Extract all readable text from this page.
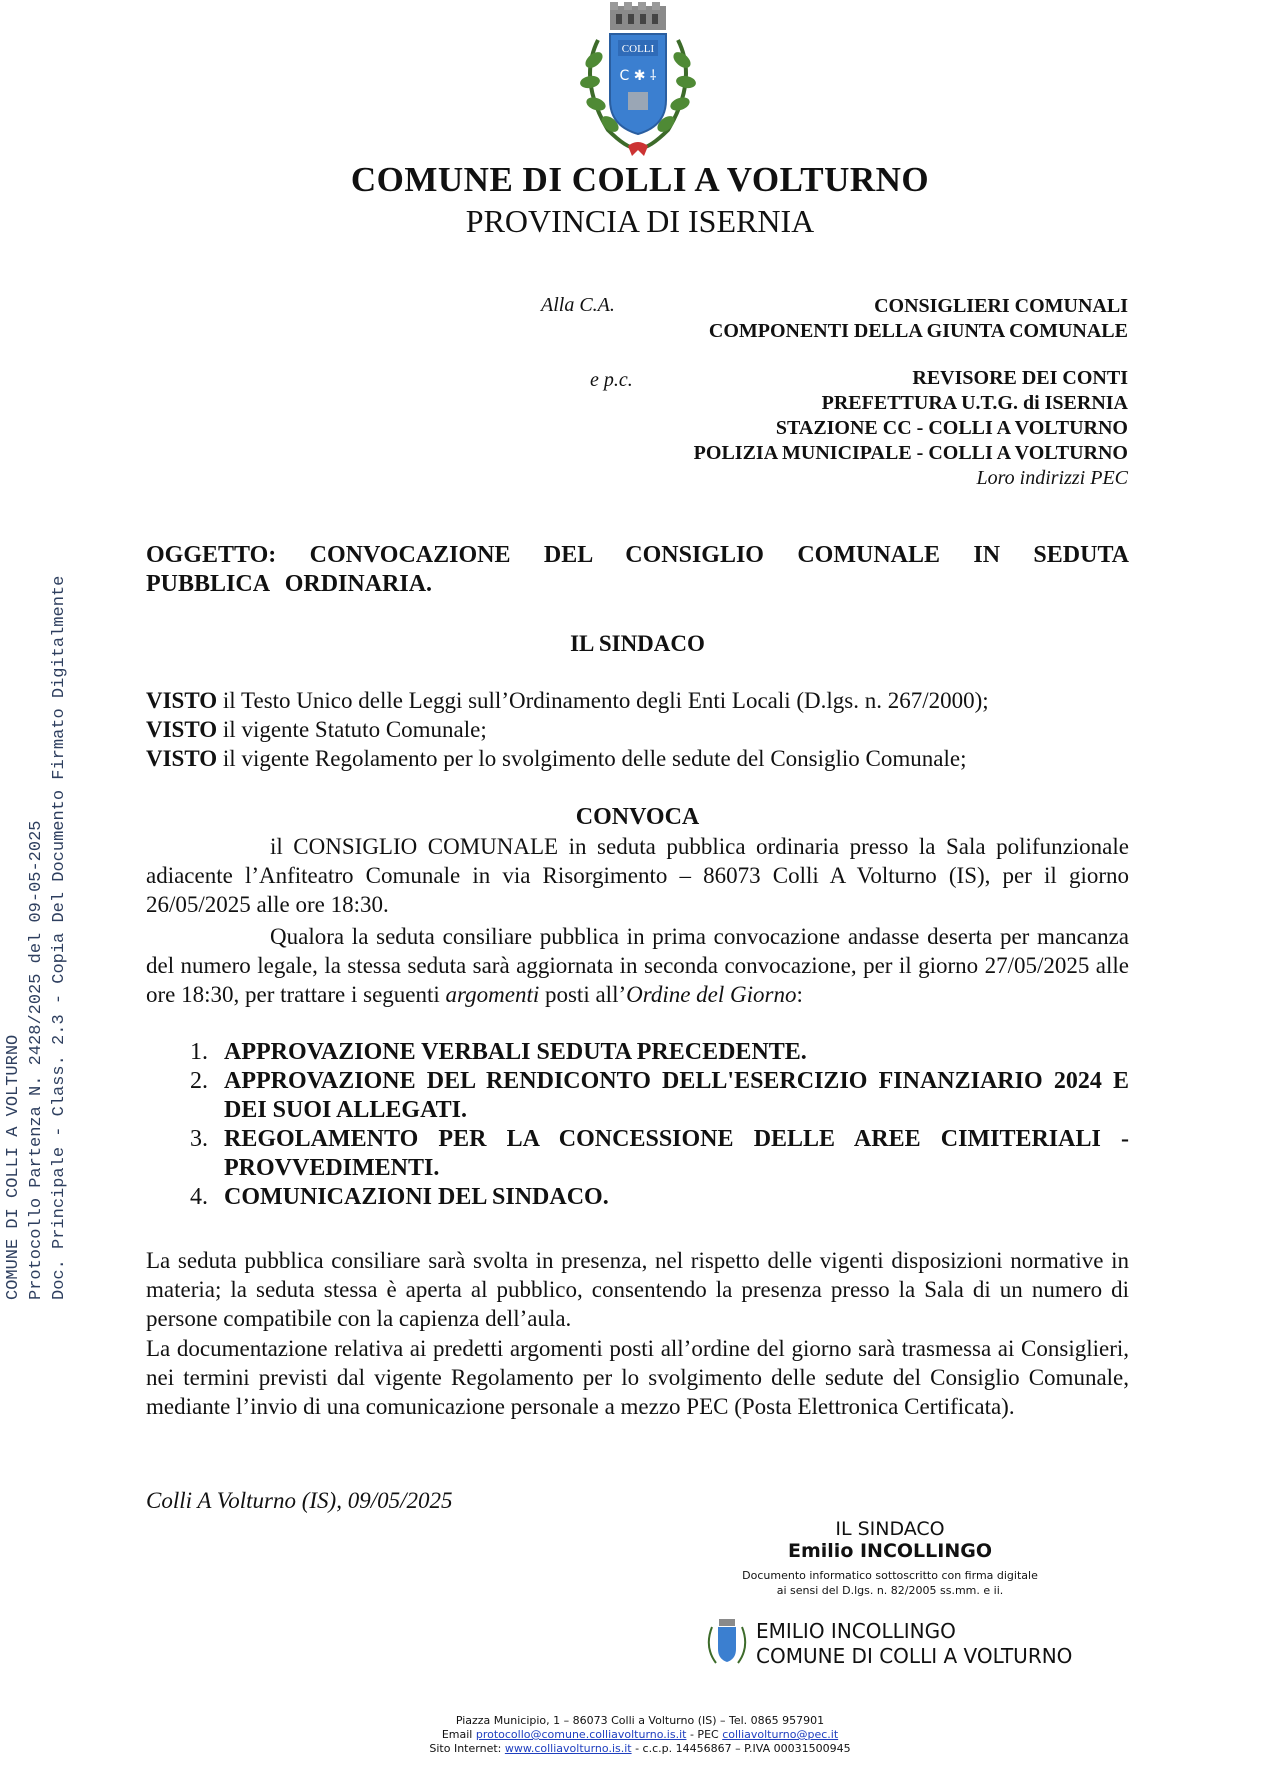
COLLI
C ✱ ⸸
COMUNE DI COLLI A VOLTURNO
PROVINCIA DI ISERNIA
COMUNE DI COLLI A VOLTURNO Protocollo Partenza N. 2428/2025 del 09-05-2025 Doc. Principale - Class. 2.3 - Copia Del Documento Firmato Digitalmente
Alla C.A.	CONSIGLIERI COMUNALI
COMPONENTI DELLA GIUNTA COMUNALE
e p.c.	REVISORE DEI CONTI
PREFETTURA U.T.G. di ISERNIA
STAZIONE CC - COLLI A VOLTURNO
POLIZIA MUNICIPALE - COLLI A VOLTURNO
Loro indirizzi PEC
OGGETTO: CONVOCAZIONE DEL CONSIGLIO COMUNALE IN SEDUTA PUBBLICA ORDINARIA.
IL SINDACO
VISTO il Testo Unico delle Leggi sull’Ordinamento degli Enti Locali (D.lgs. n. 267/2000);
VISTO il vigente Statuto Comunale;
VISTO il vigente Regolamento per lo svolgimento delle sedute del Consiglio Comunale;
CONVOCA
il CONSIGLIO COMUNALE in seduta pubblica ordinaria presso la Sala polifunzionale adiacente l’Anfiteatro Comunale in via Risorgimento – 86073 Colli A Volturno (IS), per il giorno 26/05/2025 alle ore 18:30.
Qualora la seduta consiliare pubblica in prima convocazione andasse deserta per mancanza del numero legale, la stessa seduta sarà aggiornata in seconda convocazione, per il giorno 27/05/2025 alle ore 18:30, per trattare i seguenti argomenti posti all’Ordine del Giorno:
1. APPROVAZIONE VERBALI SEDUTA PRECEDENTE.
2. APPROVAZIONE DEL RENDICONTO DELL'ESERCIZIO FINANZIARIO 2024 E DEI SUOI ALLEGATI.
3. REGOLAMENTO PER LA CONCESSIONE DELLE AREE CIMITERIALI - PROVVEDIMENTI.
4. COMUNICAZIONI DEL SINDACO.
La seduta pubblica consiliare sarà svolta in presenza, nel rispetto delle vigenti disposizioni normative in materia; la seduta stessa è aperta al pubblico, consentendo la presenza presso la Sala di un numero di persone compatibile con la capienza dell’aula.
La documentazione relativa ai predetti argomenti posti all’ordine del giorno sarà trasmessa ai Consiglieri, nei termini previsti dal vigente Regolamento per lo svolgimento delle sedute del Consiglio Comunale, mediante l’invio di una comunicazione personale a mezzo PEC (Posta Elettronica Certificata).
Colli A Volturno (IS), 09/05/2025
IL SINDACO
Emilio INCOLLINGO
Documento informatico sottoscritto con firma digitale
ai sensi del D.lgs. n. 82/2005 ss.mm. e ii.
EMILIO INCOLLINGO
COMUNE DI COLLI A VOLTURNO
Piazza Municipio, 1 – 86073 Colli a Volturno (IS) – Tel. 0865 957901
Email protocollo@comune.colliavolturno.is.it - PEC colliavolturno@pec.it
Sito Internet: www.colliavolturno.is.it - c.c.p. 14456867 – P.IVA 00031500945
